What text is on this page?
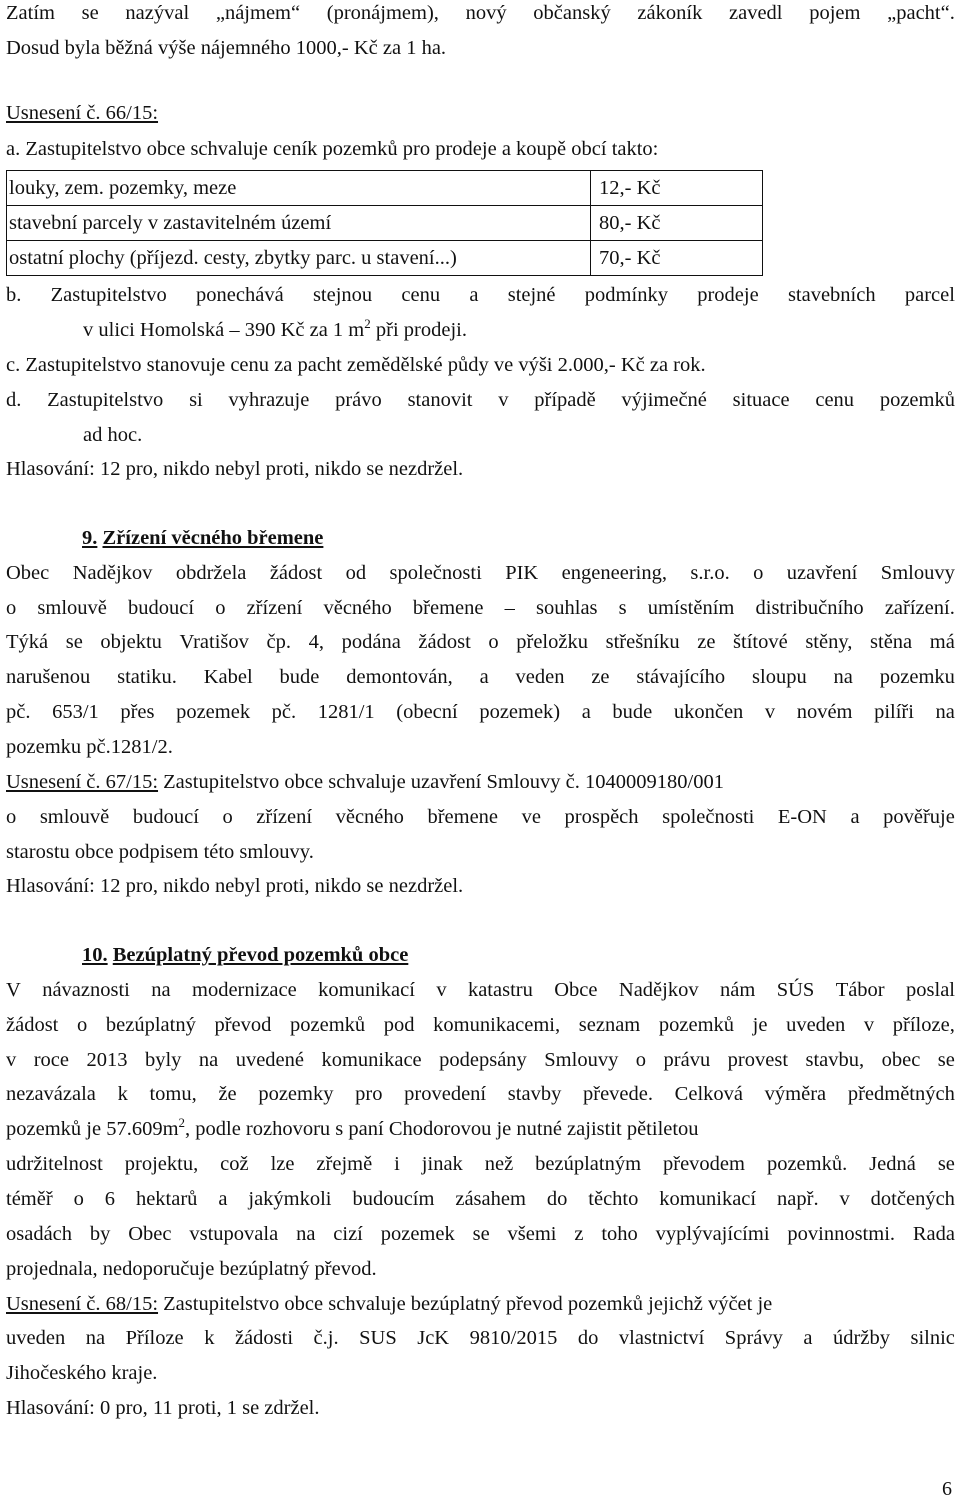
Zatím se nazýval „nájmem“ (pronájmem), nový občanský zákoník zavedl pojem „pacht“.
Dosud byla běžná výše nájemného 1000,- Kč za 1 ha.
Usnesení č. 66/15:
a. Zastupitelstvo obce schvaluje ceník pozemků pro prodeje a koupě obcí takto:
louky, zem. pozemky, meze	12,- Kč
stavební parcely v zastavitelném území	80,- Kč
ostatní plochy (příjezd. cesty, zbytky parc. u stavení...)	70,- Kč
b. Zastupitelstvo ponechává stejnou cenu a stejné podmínky prodeje stavebních parcel
v ulici Homolská – 390 Kč za 1 $m^2$ při prodeji.
c. Zastupitelstvo stanovuje cenu za pacht zemědělské půdy ve výši 2.000,- Kč za rok.
d. Zastupitelstvo si vyhrazuje právo stanovit v případě výjimečné situace cenu pozemků
ad hoc.
Hlasování: 12 pro, nikdo nebyl proti, nikdo se nezdržel.
9. Zřízení věcného břemene
Obec Nadějkov obdržela žádost od společnosti PIK engeneering, s.r.o. o uzavření Smlouvy
o smlouvě budoucí o zřízení věcného břemene – souhlas s umístěním distribučního zařízení.
Týká se objektu Vratišov čp. 4, podána žádost o přeložku střešníku ze štítové stěny, stěna má
narušenou statiku. Kabel bude demontován, a veden ze stávajícího sloupu na pozemku
pč. 653/1 přes pozemek pč. 1281/1 (obecní pozemek) a bude ukončen v novém pilíři na
pozemku pč.1281/2.
Usnesení č. 67/15: Zastupitelstvo obce schvaluje uzavření Smlouvy č. 1040009180/001
o smlouvě budoucí o zřízení věcného břemene ve prospěch společnosti E-ON a pověřuje
starostu obce podpisem této smlouvy.
Hlasování: 12 pro, nikdo nebyl proti, nikdo se nezdržel.
10. Bezúplatný převod pozemků obce
V návaznosti na modernizace komunikací v katastru Obce Nadějkov nám SÚS Tábor poslal
žádost o bezúplatný převod pozemků pod komunikacemi, seznam pozemků je uveden v příloze,
v roce 2013 byly na uvedené komunikace podepsány Smlouvy o právu provest stavbu, obec se
nezavázala k tomu, že pozemky pro provedení stavby převede. Celková výměra předmětných
pozemků je $57.609m^2$, podle rozhovoru s paní Chodorovou je nutné zajistit pětiletou
udržitelnost projektu, což lze zřejmě i jinak než bezúplatným převodem pozemků. Jedná se
téměř o 6 hektarů a jakýmkoli budoucím zásahem do těchto komunikací např. v dotčených
osadách by Obec vstupovala na cizí pozemek se všemi z toho vyplývajícími povinnostmi. Rada
projednala, nedoporučuje bezúplatný převod.
Usnesení č. 68/15: Zastupitelstvo obce schvaluje bezúplatný převod pozemků jejichž výčet je
uveden na Příloze k žádosti č.j. SUS JcK 9810/2015 do vlastnictví Správy a údržby silnic
Jihočeského kraje.
Hlasování: 0 pro, 11 proti, 1 se zdržel.
6
